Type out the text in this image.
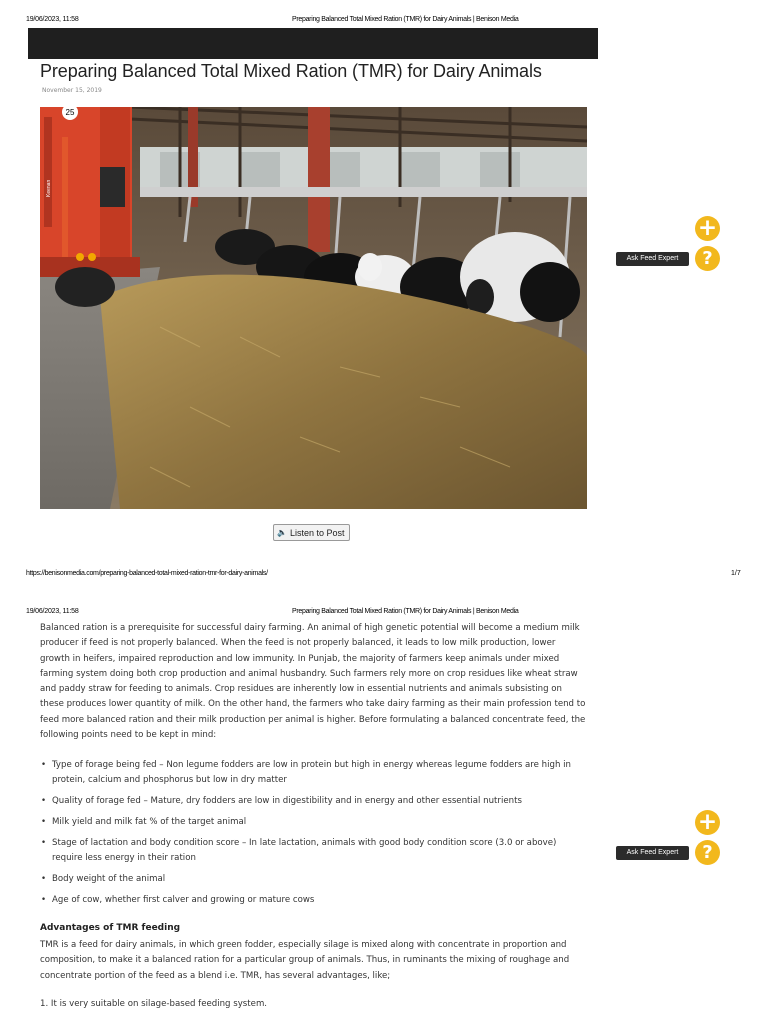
19/06/2023, 11:58	Preparing Balanced Total Mixed Ration (TMR) for Dairy Animals | Benison Media
Preparing Balanced Total Mixed Ration (TMR) for Dairy Animals
November 15, 2019
25
Keenan
🔈 Listen to Post
+
Ask Feed Expert	?
https://benisonmedia.com/preparing-balanced-total-mixed-ration-tmr-for-dairy-animals/	1/7
19/06/2023, 11:58	Preparing Balanced Total Mixed Ration (TMR) for Dairy Animals | Benison Media

Balanced ration is a prerequisite for successful dairy farming. An animal of high genetic potential will become a medium milk producer if feed is not properly balanced. When the feed is not properly balanced, it leads to low milk production, lower growth in heifers, impaired reproduction and low immunity. In Punjab, the majority of farmers keep animals under mixed farming system doing both crop production and animal husbandry. Such farmers rely more on crop residues like wheat straw and paddy straw for feeding to animals. Crop residues are inherently low in essential nutrients and animals subsisting on these produces lower quantity of milk. On the other hand, the farmers who take dairy farming as their main profession tend to feed more balanced ration and their milk production per animal is higher. Before formulating a balanced concentrate feed, the following points need to be kept in mind:

• Type of forage being fed – Non legume fodders are low in protein but high in energy whereas legume fodders are high in protein, calcium and phosphorus but low in dry matter
• Quality of forage fed – Mature, dry fodders are low in digestibility and in energy and other essential nutrients
• Milk yield and milk fat % of the target animal
• Stage of lactation and body condition score – In late lactation, animals with good body condition score (3.0 or above) require less energy in their ration
• Body weight of the animal
• Age of cow, whether first calver and growing or mature cows
Advantages of TMR feeding

TMR is a feed for dairy animals, in which green fodder, especially silage is mixed along with concentrate in proportion and composition, to make it a balanced ration for a particular group of animals. Thus, in ruminants the mixing of roughage and concentrate portion of the feed as a blend i.e. TMR, has several advantages, like;

1. It is very suitable on silage-based feeding system.
+
Ask Feed Expert	?
